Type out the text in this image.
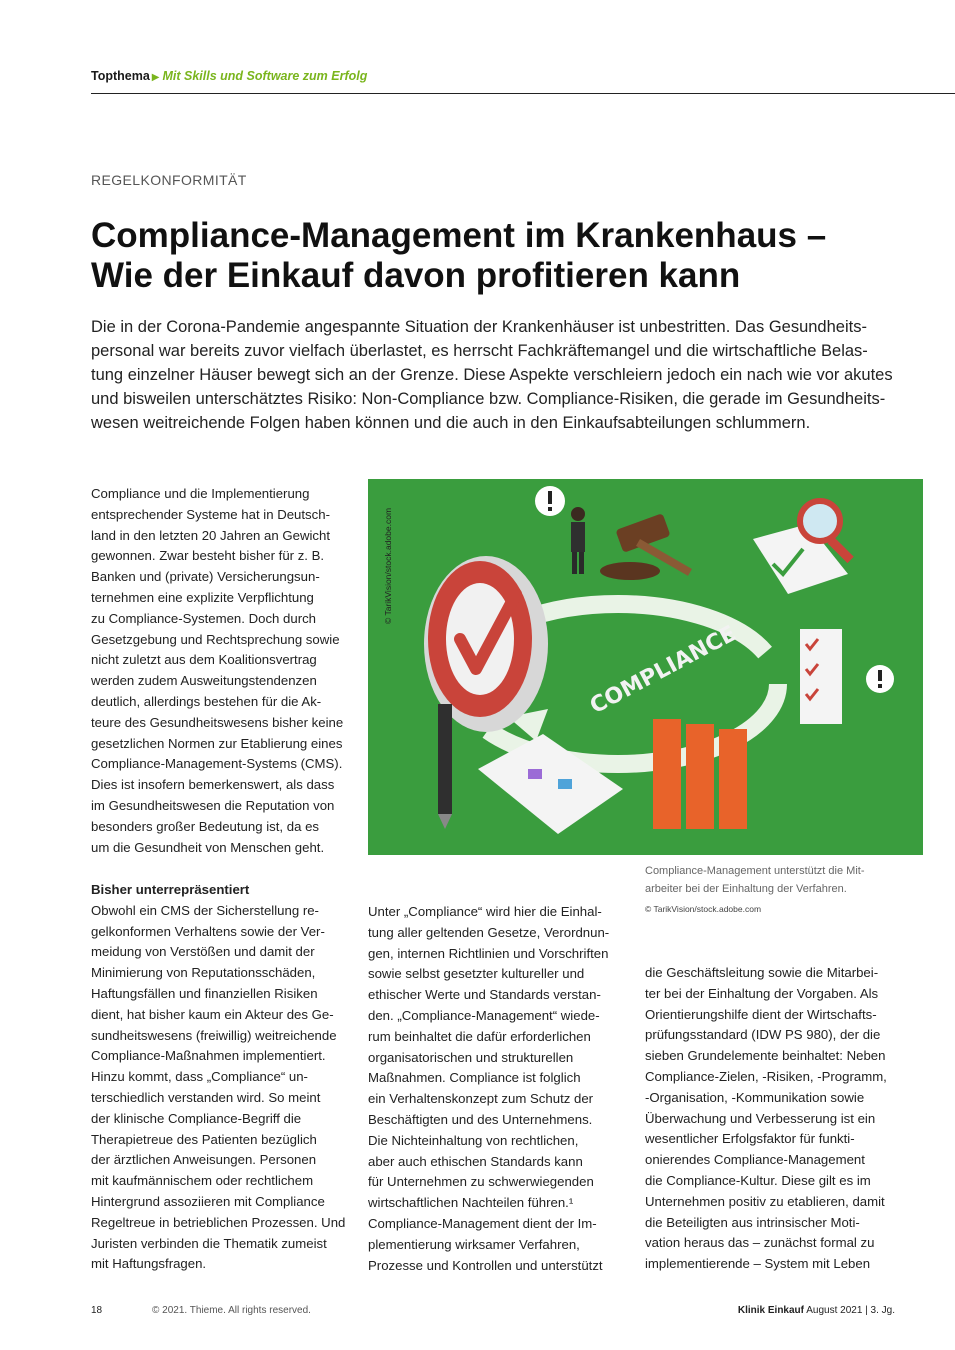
Topthema ▶ Mit Skills und Software zum Erfolg
REGELKONFORMITÄT
Compliance-Management im Krankenhaus –
Wie der Einkauf davon profitieren kann
Die in der Corona-Pandemie angespannte Situation der Krankenhäuser ist unbestritten. Das Gesundheits-
personal war bereits zuvor vielfach überlastet, es herrscht Fachkräftemangel und die wirtschaftliche Belas-
tung einzelner Häuser bewegt sich an der Grenze. Diese Aspekte verschleiern jedoch ein nach wie vor akutes
und bisweilen unterschätztes Risiko: Non-Compliance bzw. Compliance-Risiken, die gerade im Gesundheits-
wesen weitreichende Folgen haben können und die auch in den Einkaufsabteilungen schlummern.
Compliance und die Implementierung
entsprechender Systeme hat in Deutsch-
land in den letzten 20 Jahren an Gewicht
gewonnen. Zwar besteht bisher für z. B.
Banken und (private) Versicherungsun-
ternehmen eine explizite Verpflichtung
zu Compliance-Systemen. Doch durch
Gesetzgebung und Rechtsprechung sowie
nicht zuletzt aus dem Koalitionsvertrag
werden zudem Ausweitungstendenzen
deutlich, allerdings bestehen für die Ak-
teure des Gesundheitswesens bisher keine
gesetzlichen Normen zur Etablierung eines
Compliance-Management-Systems (CMS).
Dies ist insofern bemerkenswert, als dass
im Gesundheitswesen die Reputation von
besonders großer Bedeutung ist, da es
um die Gesundheit von Menschen geht.
Bisher unterrepräsentiert
Obwohl ein CMS der Sicherstellung re-
gelkonformen Verhaltens sowie der Ver-
meidung von Verstößen und damit der
Minimierung von Reputationsschäden,
Haftungsfällen und finanziellen Risiken
dient, hat bisher kaum ein Akteur des Ge-
sundheitswesens (freiwillig) weitreichende
Compliance-Maßnahmen implementiert.
Hinzu kommt, dass „Compliance“ un-
terschiedlich verstanden wird. So meint
der klinische Compliance-Begriff die
Therapietreue des Patienten bezüglich
der ärztlichen Anweisungen. Personen
mit kaufmännischem oder rechtlichem
Hintergrund assoziieren mit Compliance
Regeltreue in betrieblichen Prozessen. Und
Juristen verbinden die Thematik zumeist
mit Haftungsfragen.
COMPLIANCE
© TarikVision/stock.adobe.com
Compliance-Management unterstützt die Mit-
arbeiter bei der Einhaltung der Verfahren.
© TarikVision/stock.adobe.com
Unter „Compliance“ wird hier die Einhal-
tung aller geltenden Gesetze, Verordnun-
gen, internen Richtlinien und Vorschriften
sowie selbst gesetzter kultureller und
ethischer Werte und Standards verstan-
den. „Compliance-Management“ wiede-
rum beinhaltet die dafür erforderlichen
organisatorischen und strukturellen
Maßnahmen. Compliance ist folglich
ein Verhaltenskonzept zum Schutz der
Beschäftigten und des Unternehmens.
Die Nichteinhaltung von rechtlichen,
aber auch ethischen Standards kann
für Unternehmen zu schwerwiegenden
wirtschaftlichen Nachteilen führen.¹
Compliance-Management dient der Im-
plementierung wirksamer Verfahren,
Prozesse und Kontrollen und unterstützt
die Geschäftsleitung sowie die Mitarbei-
ter bei der Einhaltung der Vorgaben. Als
Orientierungshilfe dient der Wirtschafts-
prüfungsstandard (IDW PS 980), der die
sieben Grundelemente beinhaltet: Neben
Compliance-Zielen, -Risiken, -Programm,
-Organisation, -Kommunikation sowie
Überwachung und Verbesserung ist ein
wesentlicher Erfolgsfaktor für funkti-
onierendes Compliance-Management
die Compliance-Kultur. Diese gilt es im
Unternehmen positiv zu etablieren, damit
die Beteiligten aus intrinsischer Moti-
vation heraus das – zunächst formal zu
implementierende – System mit Leben
18	© 2021. Thieme. All rights reserved.	Klinik Einkauf August 2021 | 3. Jg.
